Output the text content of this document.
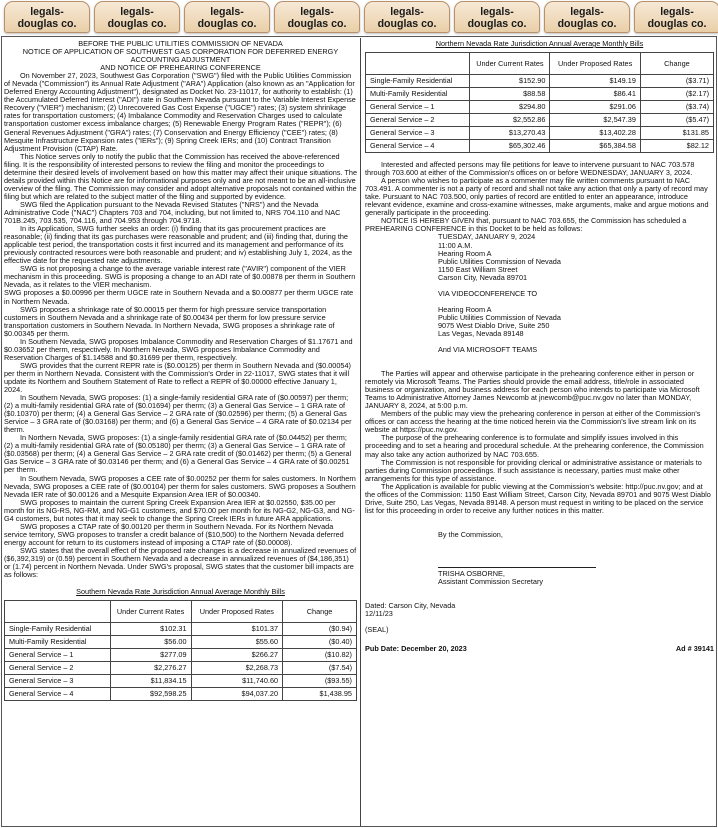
legals-
douglas co.
legals-
douglas co.
legals-
douglas co.
legals-
douglas co.
legals-
douglas co.
legals-
douglas co.
legals-
douglas co.
legals-
douglas co.
BEFORE THE PUBLIC UTILITIES COMMISSION OF NEVADA
NOTICE OF APPLICATION OF SOUTHWEST GAS CORPORATION FOR DEFERRED ENERGY ACCOUNTING ADJUSTMENT
AND NOTICE OF PREHEARING CONFERENCE
On November 27, 2023, Southwest Gas Corporation ("SWG") filed with the Public Utilities Commission of Nevada ("Commission") its Annual Rate Adjustment ("ARA") Application (also known as an "Application for Deferred Energy Accounting Adjustment"), designated as Docket No. 23-11017, for authority to establish: (1) the Accumulated Deferred Interest ("ADI") rate in Southern Nevada pursuant to the Variable Interest Expense Recovery ("VIER") mechanism; (2) Unrecovered Gas Cost Expense ("UGCE") rates; (3) system shrinkage rates for transportation customers; (4) Imbalance Commodity and Reservation Charges used to calculate transportation customer excess imbalance charges; (5) Renewable Energy Program Rates ("REPR"); (6) General Revenues Adjustment ("GRA") rates; (7) Conservation and Energy Efficiency ("CEE") rates; (8) Mesquite Infrastructure Expansion rates ("IERs"); (9) Spring Creek IERs; and (10) Contract Transition Adjustment Provision (CTAP) Rate.
This Notice serves only to notify the public that the Commission has received the above-referenced filing. It is the responsibility of interested persons to review the filing and monitor the proceedings to determine their desired levels of involvement based on how this matter may affect their unique situations. The details provided within this Notice are for informational purposes only and are not meant to be an all-inclusive overview of the filing. The Commission may consider and adopt alternative proposals not contained within the filing but which are related to the subject matter of the filing and supported by evidence.
SWG filed the Application pursuant to the Nevada Revised Statutes ("NRS") and the Nevada Administrative Code ("NAC") Chapters 703 and 704, including, but not limited to, NRS 704.110 and NAC 701B.245, 703.535, 704.116, and 704.953 through 704.9718.
In its Application, SWG further seeks an order: (i) finding that its gas procurement practices are reasonable; (ii) finding that its gas purchases were reasonable and prudent; and (iii) finding that, during the applicable test period, the transportation costs it first incurred and its management and performance of its previously contracted resources were both reasonable and prudent; and iv) establishing July 1, 2024, as the effective date for the requested rate adjustments.
SWG is not proposing a change to the average variable interest rate ("AVIR") component of the VIER mechanism in this proceeding. SWG is proposing a change to an ADI rate of $0.00878 per therm in Southern Nevada, as it relates to the VIER mechanism.
SWG proposes a $0.00996 per therm UGCE rate in Southern Nevada and a $0.00877 per therm UGCE rate in Northern Nevada.
SWG proposes a shrinkage rate of $0.00015 per therm for high pressure service transportation customers in Southern Nevada and a shrinkage rate of $0.00434 per therm for low pressure service transportation customers in Southern Nevada. In Northern Nevada, SWG proposes a shrinkage rate of $0.00345 per therm.
In Southern Nevada, SWG proposes Imbalance Commodity and Reservation Charges of $1.17671 and $0.03652 per therm, respectively. In Northern Nevada, SWG proposes Imbalance Commodity and Reservation Charges of $1.14588 and $0.31699 per therm, respectively.
SWG provides that the current REPR rate is ($0.00125) per therm in Southern Nevada and ($0.00054) per therm in Northern Nevada. Consistent with the Commission's Order in 22-11017, SWG states that it will update its Northern and Southern Statement of Rate to reflect a REPR of $0.00000 effective January 1, 2024.
In Southern Nevada, SWG proposes: (1) a single-family residential GRA rate of ($0.00597) per therm; (2) a multi-family residential GRA rate of ($0.01694) per therm; (3) a General Gas Service – 1 GRA rate of ($0.10370) per therm; (4) a General Gas Service – 2 GRA rate of ($0.02596) per therm; (5) a General Gas Service – 3 GRA rate of ($0.03168) per therm; and (6) a General Gas Service – 4 GRA rate of $0.02134 per therm.
In Northern Nevada, SWG proposes: (1) a single-family residential GRA rate of ($0.04452) per therm; (2) a multi-family residential GRA rate of ($0.05180) per therm; (3) a General Gas Service – 1 GRA rate of ($0.03568) per therm; (4) a General Gas Service – 2 GRA rate credit of ($0.01462) per therm; (5) a General Gas Service – 3 GRA rate of $0.03146 per therm; and (6) a General Gas Service – 4 GRA rate of $0.00251 per therm.
In Southern Nevada, SWG proposes a CEE rate of $0.00252 per therm for sales customers. In Northern Nevada, SWG proposes a CEE rate of ($0.00104) per therm for sales customers. SWG proposes a Southern Nevada IER rate of $0.00126 and a Mesquite Expansion Area IER of $0.00340.
SWG proposes to maintain the current Spring Creek Expansion Area IER at $0.02550, $35.00 per month for its NG-RS, NG-RM, and NG-G1 customers, and $70.00 per month for its NG-G2, NG-G3, and NG-G4 customers, but notes that it may seek to change the Spring Creek IERs in future ARA applications.
SWG proposes a CTAP rate of $0.00120 per therm in Southern Nevada. For its Northern Nevada service territory, SWG proposes to transfer a credit balance of ($10,500) to the Northern Nevada deferred energy account for return to its customers instead of imposing a CTAP rate of ($0.00008).
SWG states that the overall effect of the proposed rate changes is a decrease in annualized revenues of ($6,392,319) or (0.59) percent in Southern Nevada and a decrease in annualized revenues of ($4,186,351) or (1.74) percent in Northern Nevada. Under SWG's proposal, SWG states that the customer bill impacts are as follows:
Southern Nevada Rate Jurisdiction Annual Average Monthly Bills
	Under Current Rates	Under Proposed Rates	Change
Single-Family Residential	$102.31	$101.37	($0.94)
Multi-Family Residential	$56.00	$55.60	($0.40)
General Service – 1	$277.09	$266.27	($10.82)
General Service – 2	$2,276.27	$2,268.73	($7.54)
General Service – 3	$11,834.15	$11,740.60	($93.55)
General Service – 4	$92,598.25	$94,037.20	$1,438.95
Northern Nevada Rate Jurisdiction Annual Average Monthly Bills
	Under Current Rates	Under Proposed Rates	Change
Single-Family Residential	$152.90	$149.19	($3.71)
Multi-Family Residential	$88.58	$86.41	($2.17)
General Service – 1	$294.80	$291.06	($3.74)
General Service – 2	$2,552.86	$2,547.39	($5.47)
General Service – 3	$13,270.43	$13,402.28	$131.85
General Service – 4	$65,302.46	$65,384.58	$82.12
Interested and affected persons may file petitions for leave to intervene pursuant to NAC 703.578 through 703.600 at either of the Commission's offices on or before WEDNESDAY, JANUARY 3, 2024.
A person who wishes to participate as a commenter may file written comments pursuant to NAC 703.491. A commenter is not a party of record and shall not take any action that only a party of record may take. Pursuant to NAC 703.500, only parties of record are entitled to enter an appearance, introduce relevant evidence, examine and cross-examine witnesses, make arguments, make and argue motions and generally participate in the proceeding.
NOTICE IS HEREBY GIVEN that, pursuant to NAC 703.655, the Commission has scheduled a PREHEARING CONFERENCE in this Docket to be held as follows:
TUESDAY, JANUARY 9, 2024
11:00 A.M.
Hearing Room A
Public Utilities Commission of Nevada
1150 East William Street
Carson City, Nevada 89701
VIA VIDEOCONFERENCE TO
Hearing Room A
Public Utilities Commission of Nevada
9075 West Diablo Drive, Suite 250
Las Vegas, Nevada 89148
And VIA MICROSOFT TEAMS
The Parties will appear and otherwise participate in the prehearing conference either in person or remotely via Microsoft Teams. The Parties should provide the email address, title/role in associated business or organization, and business address for each person who intends to participate via Microsoft Teams to Administrative Attorney James Newcomb at jnewcomb@puc.nv.gov no later than MONDAY, JANUARY 8, 2024, at 5:00 p.m.
Members of the public may view the prehearing conference in person at either of the Commission's offices or can access the hearing at the time noticed herein via the Commission's live stream link on its website at https://puc.nv.gov.
The purpose of the prehearing conference is to formulate and simplify issues involved in this proceeding and to set a hearing and procedural schedule. At the prehearing conference, the Commission may also take any action authorized by NAC 703.655.
The Commission is not responsible for providing clerical or administrative assistance or materials to parties during Commission proceedings. If such assistance is necessary, parties must make other arrangements for this type of assistance.
The Application is available for public viewing at the Commission's website: http://puc.nv.gov; and at the offices of the Commission: 1150 East William Street, Carson City, Nevada 89701 and 9075 West Diablo Drive, Suite 250, Las Vegas, Nevada 89148. A person must request in writing to be placed on the service list for this proceeding in order to receive any further notices in this matter.
By the Commission,
TRISHA OSBORNE,
Assistant Commission Secretary
Dated: Carson City, Nevada
12/11/23
(SEAL)
Pub Date: December 20, 2023	Ad # 39141
